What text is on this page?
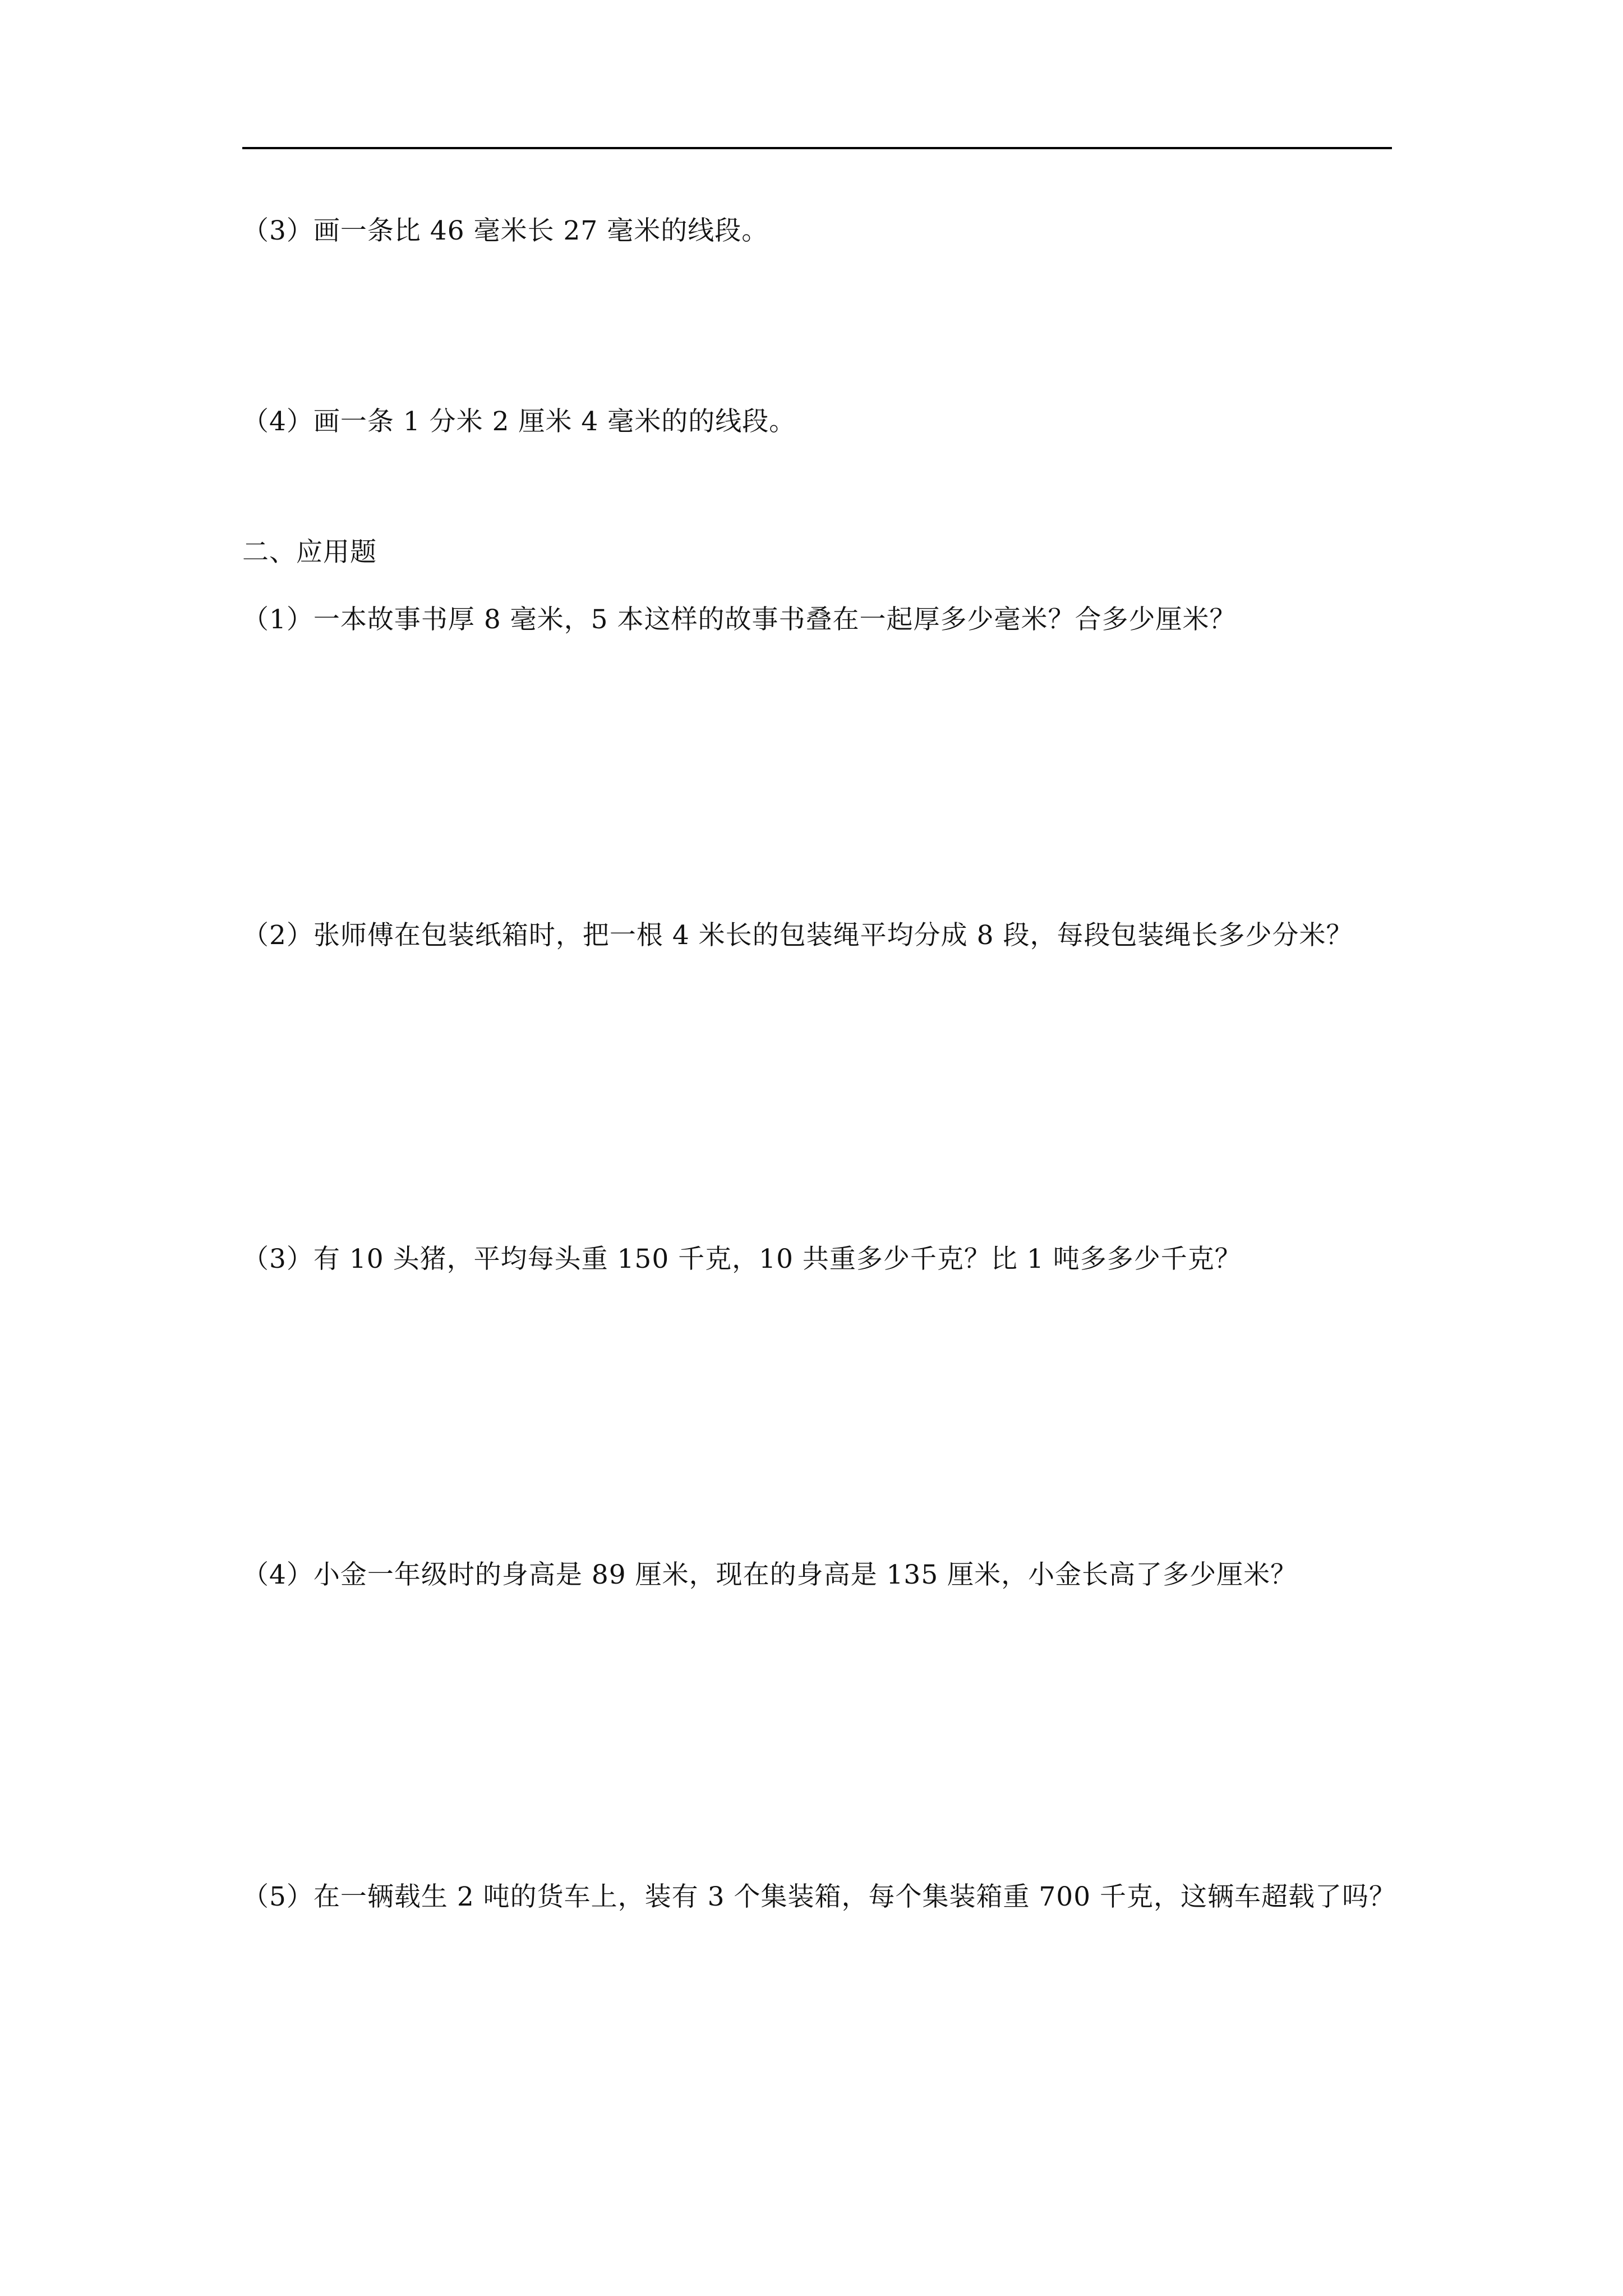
（3）画一条比 46 毫米长 27 毫米的线段。
（4）画一条 1 分米 2 厘米 4 毫米的的线段。
二、应用题
（1）一本故事书厚 8 毫米，5 本这样的故事书叠在一起厚多少毫米？合多少厘米？
（2）张师傅在包装纸箱时，把一根 4 米长的包装绳平均分成 8 段，每段包装绳长多少分米？
（3）有 10 头猪，平均每头重 150 千克，10 共重多少千克？比 1 吨多多少千克？
（4）小金一年级时的身高是 89 厘米，现在的身高是 135 厘米，小金长高了多少厘米？
（5）在一辆载生 2 吨的货车上，装有 3 个集装箱，每个集装箱重 700 千克，这辆车超载了吗？
